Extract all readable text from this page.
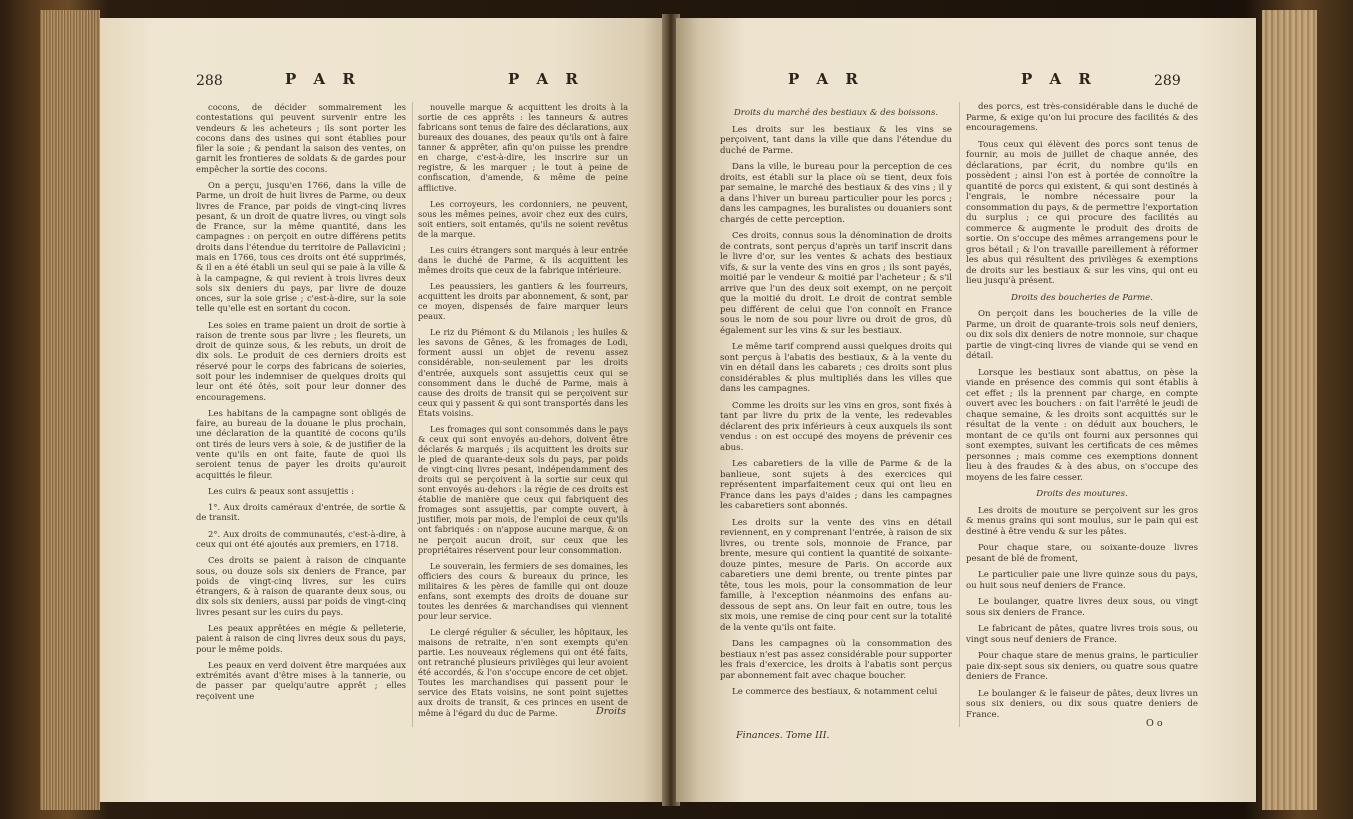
288	P A R	P A R

cocons, de décider sommairement les contestations qui peuvent survenir entre les vendeurs & les acheteurs ; ils sont porter les cocons dans des usines qui sont établies pour filer la soie ; & pendant la saison des ventes, on garnit les frontieres de soldats & de gardes pour empêcher la sortie des cocons.

On a perçu, jusqu'en 1766, dans la ville de Parme, un droit de huit livres de Parme, ou deux livres de France, par poids de vingt-cinq livres pesant, & un droit de quatre livres, ou vingt sols de France, sur la même quantité, dans les campagnes : on perçoit en outre différens petits droits dans l'étendue du territoire de Pallavicini ; mais en 1766, tous ces droits ont été supprimés, & il en a été établi un seul qui se paie à la ville & à la campagne, & qui revient à trois livres deux sols six deniers du pays, par livre de douze onces, sur la soie grise ; c'est-à-dire, sur la soie telle qu'elle est en sortant du cocon.

Les soies en trame paient un droit de sortie à raison de trente sous par livre ; les fleurets, un droit de quinze sous, & les rebuts, un droit de dix sols. Le produit de ces derniers droits est réservé pour le corps des fabricans de soieries, soit pour les indemniser de quelques droits qui leur ont été ôtés, soit pour leur donner des encouragemens.

Les habitans de la campagne sont obligés de faire, au bureau de la douane le plus prochain, une déclaration de la quantité de cocons qu'ils ont tirés de leurs vers à soie, & de justifier de la vente qu'ils en ont faite, faute de quoi ils seroient tenus de payer les droits qu'auroit acquittés le fileur.

Les cuirs & peaux sont assujettis :

1°. Aux droits caméraux d'entrée, de sortie & de transit.

2°. Aux droits de communautés, c'est-à-dire, à ceux qui ont été ajoutés aux premiers, en 1718.

Ces droits se paient à raison de cinquante sous, ou douze sols six deniers de France, par poids de vingt-cinq livres, sur les cuirs étrangers, & à raison de quarante deux sous, ou dix sols six deniers, aussi par poids de vingt-cinq livres pesant sur les cuirs du pays.

Les peaux apprêtées en mégie & pelleterie, paient à raison de cinq livres deux sous du pays, pour le même poids.

Les peaux en verd doivent être marquées aux extrémités avant d'être mises à la tannerie, ou de passer par quelqu'autre apprêt ; elles reçoivent une

nouvelle marque & acquittent les droits à la sortie de ces apprêts : les tanneurs & autres fabricans sont tenus de faire des déclarations, aux bureaux des douanes, des peaux qu'ils ont à faire tanner & apprêter, afin qu'on puisse les prendre en charge, c'est-à-dire, les inscrire sur un registre, & les marquer ; le tout à peine de confiscation, d'amende, & même de peine afflictive.

Les corroyeurs, les cordonniers, ne peuvent, sous les mêmes peines, avoir chez eux des cuirs, soit entiers, soit entamés, qu'ils ne soient revêtus de la marque.

Les cuirs étrangers sont marqués à leur entrée dans le duché de Parme, & ils acquittent les mêmes droits que ceux de la fabrique intérieure.

Les peaussiers, les gantiers & les fourreurs, acquittent les droits par abonnement, & sont, par ce moyen, dispensés de faire marquer leurs peaux.

Le riz du Piémont & du Milanois ; les huiles & les savons de Gênes, & les fromages de Lodi, forment aussi un objet de revenu assez considérable, non-seulement par les droits d'entrée, auxquels sont assujettis ceux qui se consomment dans le duché de Parme, mais à cause des droits de transit qui se perçoivent sur ceux qui y passent & qui sont transportés dans les États voisins.

Les fromages qui sont consommés dans le pays & ceux qui sont envoyés au-dehors, doivent être déclarés & marqués ; ils acquittent les droits sur le pied de quarante-deux sols du pays, par poids de vingt-cinq livres pesant, indépendamment des droits qui se perçoivent à la sortie sur ceux qui sont envoyés au-dehors : la régie de ces droits est établie de manière que ceux qui fabriquent des fromages sont assujettis, par compte ouvert, à justifier, mois par mois, de l'emploi de ceux qu'ils ont fabriqués : on n'appose aucune marque, & on ne perçoit aucun droit, sur ceux que les propriétaires réservent pour leur consommation.

Le souverain, les fermiers de ses domaines, les officiers des cours & bureaux du prince, les militaires & les pères de famille qui ont douze enfans, sont exempts des droits de douane sur toutes les denrées & marchandises qui viennent pour leur service.

Le clergé régulier & séculier, les hôpitaux, les maisons de retraite, n'en sont exempts qu'en partie. Les nouveaux réglemens qui ont été faits, ont retranché plusieurs privilèges qui leur avoient été accordés, & l'on s'occupe encore de cet objet. Toutes les marchandises qui passent pour le service des Etats voisins, ne sont point sujettes aux droits de transit, & ces princes en usent de même à l'égard du duc de Parme.	Droits
P A R	P A R	289

Droits du marché des bestiaux & des boissons.

Les droits sur les bestiaux & les vins se perçoivent, tant dans la ville que dans l'étendue du duché de Parme.

Dans la ville, le bureau pour la perception de ces droits, est établi sur la place où se tient, deux fois par semaine, le marché des bestiaux & des vins ; il y a dans l'hiver un bureau particulier pour les porcs ; dans les campagnes, les buralistes ou douaniers sont chargés de cette perception.

Ces droits, connus sous la dénomination de droits de contrats, sont perçus d'après un tarif inscrit dans le livre d'or, sur les ventes & achats des bestiaux vifs, & sur la vente des vins en gros ; ils sont payés, moitié par le vendeur & moitié par l'acheteur ; & s'il arrive que l'un des deux soit exempt, on ne perçoit que la moitié du droit. Le droit de contrat semble peu différent de celui que l'on connoît en France sous le nom de sou pour livre ou droit de gros, dû également sur les vins & sur les bestiaux.

Le même tarif comprend aussi quelques droits qui sont perçus à l'abatis des bestiaux, & à la vente du vin en détail dans les cabarets ; ces droits sont plus considérables & plus multipliés dans les villes que dans les campagnes.

Comme les droits sur les vins en gros, sont fixés à tant par livre du prix de la vente, les redevables déclarent des prix inférieurs à ceux auxquels ils sont vendus : on est occupé des moyens de prévenir ces abus.

Les cabaretiers de la ville de Parme & de la banlieue, sont sujets à des exercices qui représentent imparfaitement ceux qui ont lieu en France dans les pays d'aides ; dans les campagnes les cabaretiers sont abonnés.

Les droits sur la vente des vins en détail reviennent, en y comprenant l'entrée, à raison de six livres, ou trente sols, monnoie de France, par brente, mesure qui contient la quantité de soixante-douze pintes, mesure de Paris. On accorde aux cabaretiers une demi brente, ou trente pintes par tête, tous les mois, pour la consommation de leur famille, à l'exception néanmoins des enfans au-dessous de sept ans. On leur fait en outre, tous les six mois, une remise de cinq pour cent sur la totalité de la vente qu'ils ont faite.

Dans les campagnes où la consommation des bestiaux n'est pas assez considérable pour supporter les frais d'exercice, les droits à l'abatis sont perçus par abonnement fait avec chaque boucher.

Le commerce des bestiaux, & notamment celui

des porcs, est très-considérable dans le duché de Parme, & exige qu'on lui procure des facilités & des encouragemens.

Tous ceux qui élèvent des porcs sont tenus de fournir, au mois de juillet de chaque année, des déclarations, par écrit, du nombre qu'ils en possèdent ; ainsi l'on est à portée de connoître la quantité de porcs qui existent, & qui sont destinés à l'engrais, le nombre nécessaire pour la consommation du pays, & de permettre l'exportation du surplus ; ce qui procure des facilités au commerce & augmente le produit des droits de sortie. On s'occupe des mêmes arrangemens pour le gros bétail ; & l'on travaille pareillement à réformer les abus qui résultent des privilèges & exemptions de droits sur les bestiaux & sur les vins, qui ont eu lieu jusqu'à présent.

Droits des boucheries de Parme.

On perçoit dans les boucheries de la ville de Parme, un droit de quarante-trois sols neuf deniers, ou dix sols dix deniers de notre monnoie, sur chaque partie de vingt-cinq livres de viande qui se vend en détail.

Lorsque les bestiaux sont abattus, on pèse la viande en présence des commis qui sont établis à cet effet ; ils la prennent par charge, en compte ouvert avec les bouchers : on fait l'arrêté le jeudi de chaque semaine, & les droits sont acquittés sur le résultat de la vente : on déduit aux bouchers, le montant de ce qu'ils ont fourni aux personnes qui sont exemptes, suivant les certificats de ces mêmes personnes ; mais comme ces exemptions donnent lieu à des fraudes & à des abus, on s'occupe des moyens de les faire cesser.

Droits des moutures.

Les droits de mouture se perçoivent sur les gros & menus grains qui sont moulus, sur le pain qui est destiné à être vendu & sur les pâtes.

Pour chaque stare, ou soixante-douze livres pesant de blé de froment,

Le particulier paie une livre quinze sous du pays, ou huit sous neuf deniers de France.

Le boulanger, quatre livres deux sous, ou vingt sous six deniers de France.

Le fabricant de pâtes, quatre livres trois sous, ou vingt sous neuf deniers de France.

Pour chaque stare de menus grains, le particulier paie dix-sept sous six deniers, ou quatre sous quatre deniers de France.

Le boulanger & le faiseur de pâtes, deux livres un sous six deniers, ou dix sous quatre deniers de France.

Finances. Tome III.
O o
